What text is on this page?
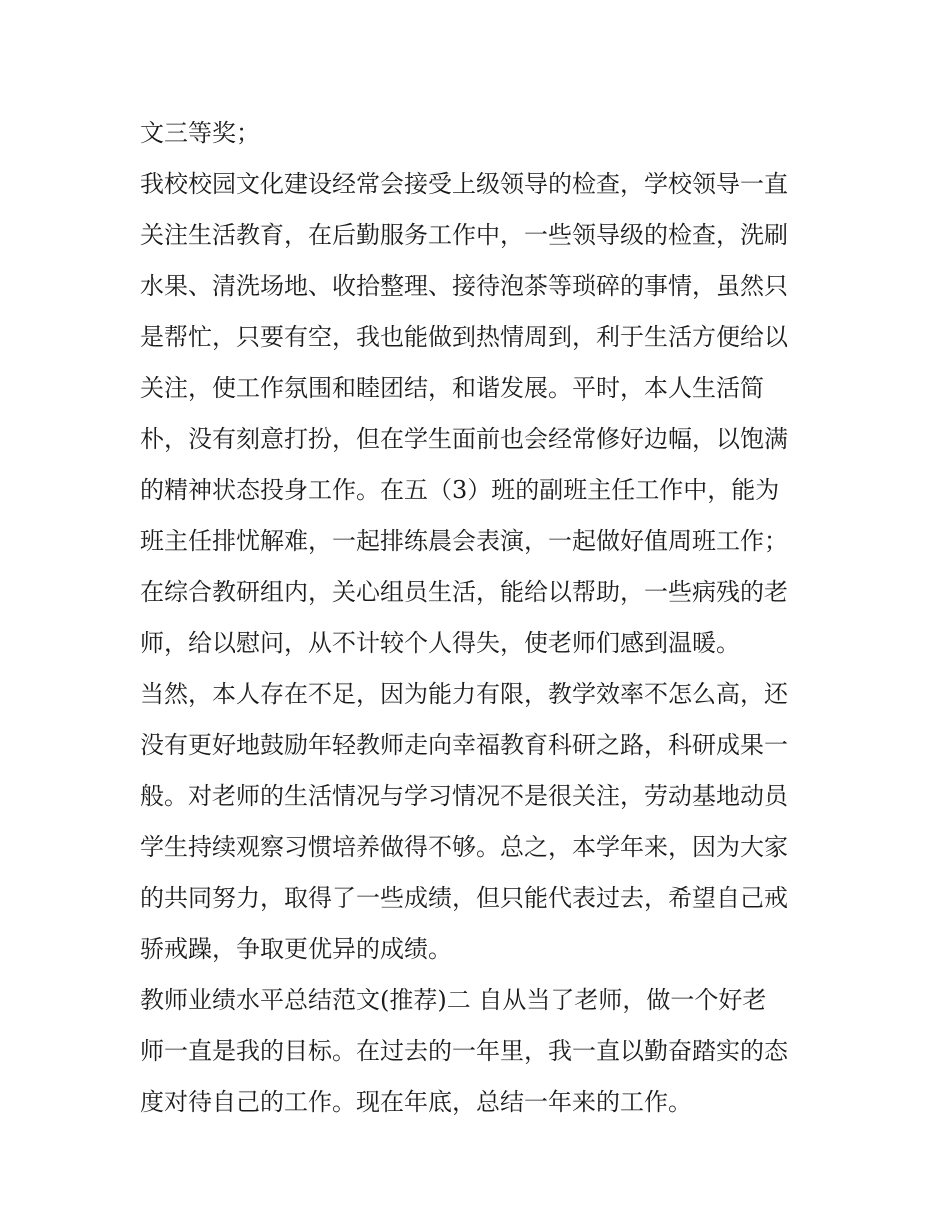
文三等奖；
我校校园文化建设经常会接受上级领导的检查，学校领导一直
关注生活教育，在后勤服务工作中，一些领导级的检查，洗刷
水果、清洗场地、收拾整理、接待泡茶等琐碎的事情，虽然只
是帮忙，只要有空，我也能做到热情周到，利于生活方便给以
关注，使工作氛围和睦团结，和谐发展。平时，本人生活简
朴，没有刻意打扮，但在学生面前也会经常修好边幅，以饱满
的精神状态投身工作。在五（3）班的副班主任工作中，能为
班主任排忧解难，一起排练晨会表演，一起做好值周班工作；
在综合教研组内，关心组员生活，能给以帮助，一些病残的老
师，给以慰问，从不计较个人得失，使老师们感到温暖。
当然，本人存在不足，因为能力有限，教学效率不怎么高，还
没有更好地鼓励年轻教师走向幸福教育科研之路，科研成果一
般。对老师的生活情况与学习情况不是很关注，劳动基地动员
学生持续观察习惯培养做得不够。总之，本学年来，因为大家
的共同努力，取得了一些成绩，但只能代表过去，希望自己戒
骄戒躁，争取更优异的成绩。
教师业绩水平总结范文(推荐)二 自从当了老师，做一个好老
师一直是我的目标。在过去的一年里，我一直以勤奋踏实的态
度对待自己的工作。现在年底，总结一年来的工作。
